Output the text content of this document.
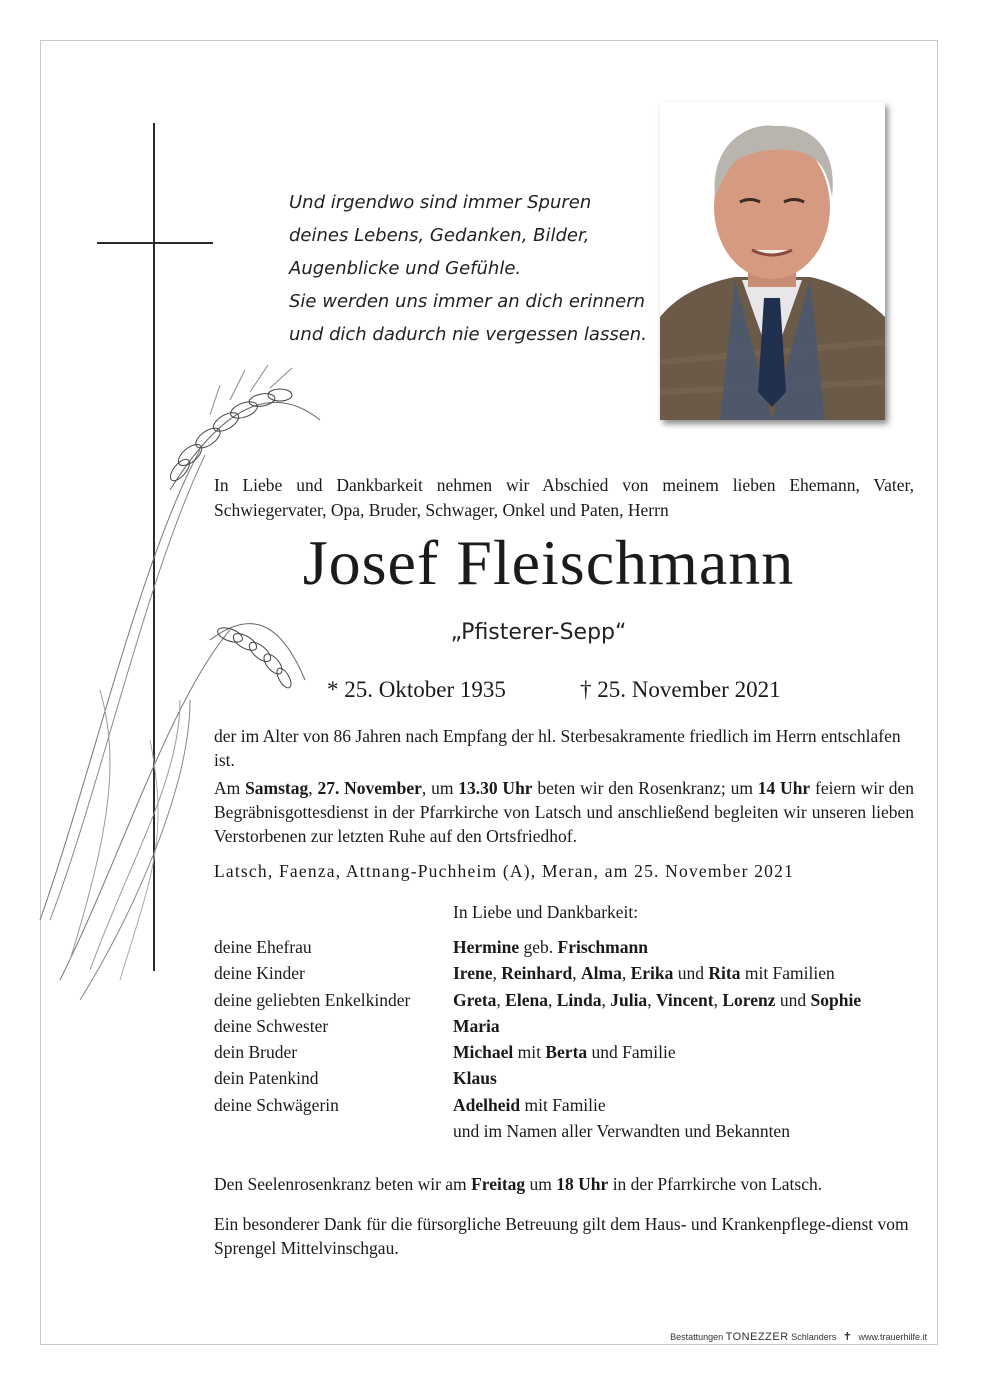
Und irgendwo sind immer Spuren
deines Lebens, Gedanken, Bilder,
Augenblicke und Gefühle.
Sie werden uns immer an dich erinnern
und dich dadurch nie vergessen lassen.
In Liebe und Dankbarkeit nehmen wir Abschied von meinem lieben Ehemann, Vater, Schwiegervater, Opa, Bruder, Schwager, Onkel und Paten, Herrn
Josef Fleischmann
„Pfisterer-Sepp“
* 25. Oktober 1935	† 25. November 2021
der im Alter von 86 Jahren nach Empfang der hl. Sterbesakramente friedlich im Herrn entschlafen ist.
Am Samstag, 27. November, um 13.30 Uhr beten wir den Rosenkranz; um 14 Uhr feiern wir den Begräbnisgottesdienst in der Pfarrkirche von Latsch und anschließend begleiten wir unseren lieben Verstorbenen zur letzten Ruhe auf den Ortsfriedhof.
Latsch, Faenza, Attnang-Puchheim (A), Meran, am 25. November 2021
In Liebe und Dankbarkeit:
deine Ehefrau	Hermine geb. Frischmann
deine Kinder	Irene, Reinhard, Alma, Erika und Rita mit Familien
deine geliebten Enkelkinder	Greta, Elena, Linda, Julia, Vincent, Lorenz und Sophie
deine Schwester	Maria
dein Bruder	Michael mit Berta und Familie
dein Patenkind	Klaus
deine Schwägerin	Adelheid mit Familie
und im Namen aller Verwandten und Bekannten
Den Seelenrosenkranz beten wir am Freitag um 18 Uhr in der Pfarrkirche von Latsch.
Ein besonderer Dank für die fürsorgliche Betreuung gilt dem Haus- und Krankenpflege-dienst vom Sprengel Mittelvinschgau.
Bestattungen TONEZZER Schlanders ✝ www.trauerhilfe.it
